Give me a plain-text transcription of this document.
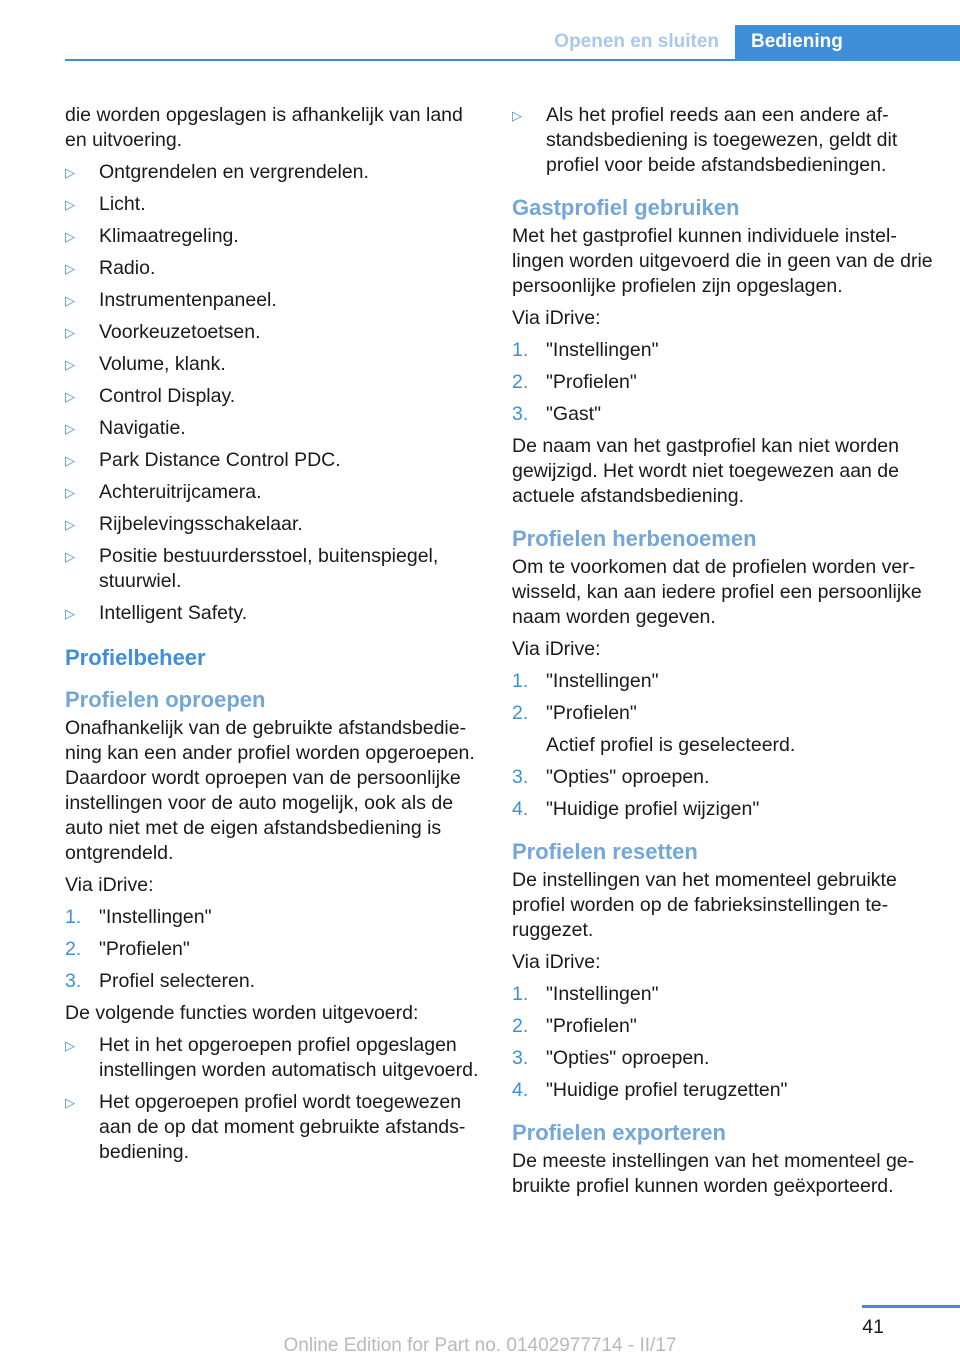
Openen en sluiten	Bediening

die worden opgeslagen is afhankelijk van land en uitvoering.

▷	Ontgrendelen en vergrendelen.
▷	Licht.
▷	Klimaatregeling.
▷	Radio.
▷	Instrumentenpaneel.
▷	Voorkeuzetoetsen.
▷	Volume, klank.
▷	Control Display.
▷	Navigatie.
▷	Park Distance Control PDC.
▷	Achteruitrijcamera.
▷	Rijbelevingsschakelaar.
▷	Positie bestuurdersstoel, buitenspiegel, stuurwiel.
▷	Intelligent Safety.
Profielbeheer
Profielen oproepen

Onafhankelijk van de gebruikte afstandsbediening kan een ander profiel worden opgeroepen. Daardoor wordt oproepen van de persoonlijke instellingen voor de auto mogelijk, ook als de auto niet met de eigen afstandsbediening is ontgrendeld.

Via iDrive:

1. "Instellingen"
2. "Profielen"
3. Profiel selecteren.

De volgende functies worden uitgevoerd:

▷	Het in het opgeroepen profiel opgeslagen instellingen worden automatisch uitgevoerd.
▷	Het opgeroepen profiel wordt toegewezen aan de op dat moment gebruikte afstandsbediening.
▷	Als het profiel reeds aan een andere afstandsbediening is toegewezen, geldt dit profiel voor beide afstandsbedieningen.
Gastprofiel gebruiken

Met het gastprofiel kunnen individuele instellingen worden uitgevoerd die in geen van de drie persoonlijke profielen zijn opgeslagen.

Via iDrive:

1. "Instellingen"
2. "Profielen"
3. "Gast"

De naam van het gastprofiel kan niet worden gewijzigd. Het wordt niet toegewezen aan de actuele afstandsbediening.

Profielen herbenoemen

Om te voorkomen dat de profielen worden verwisseld, kan aan iedere profiel een persoonlijke naam worden gegeven.

Via iDrive:

1. "Instellingen"
2. "Profielen"
Actief profiel is geselecteerd.
3. "Opties" oproepen.
4. "Huidige profiel wijzigen"
Profielen resetten

De instellingen van het momenteel gebruikte profiel worden op de fabrieksinstellingen teruggezet.

Via iDrive:

1. "Instellingen"
2. "Profielen"
3. "Opties" oproepen.
4. "Huidige profiel terugzetten"
Profielen exporteren

De meeste instellingen van het momenteel gebruikte profiel kunnen worden geëxporteerd.

41
Online Edition for Part no. 01402977714 - II/17
